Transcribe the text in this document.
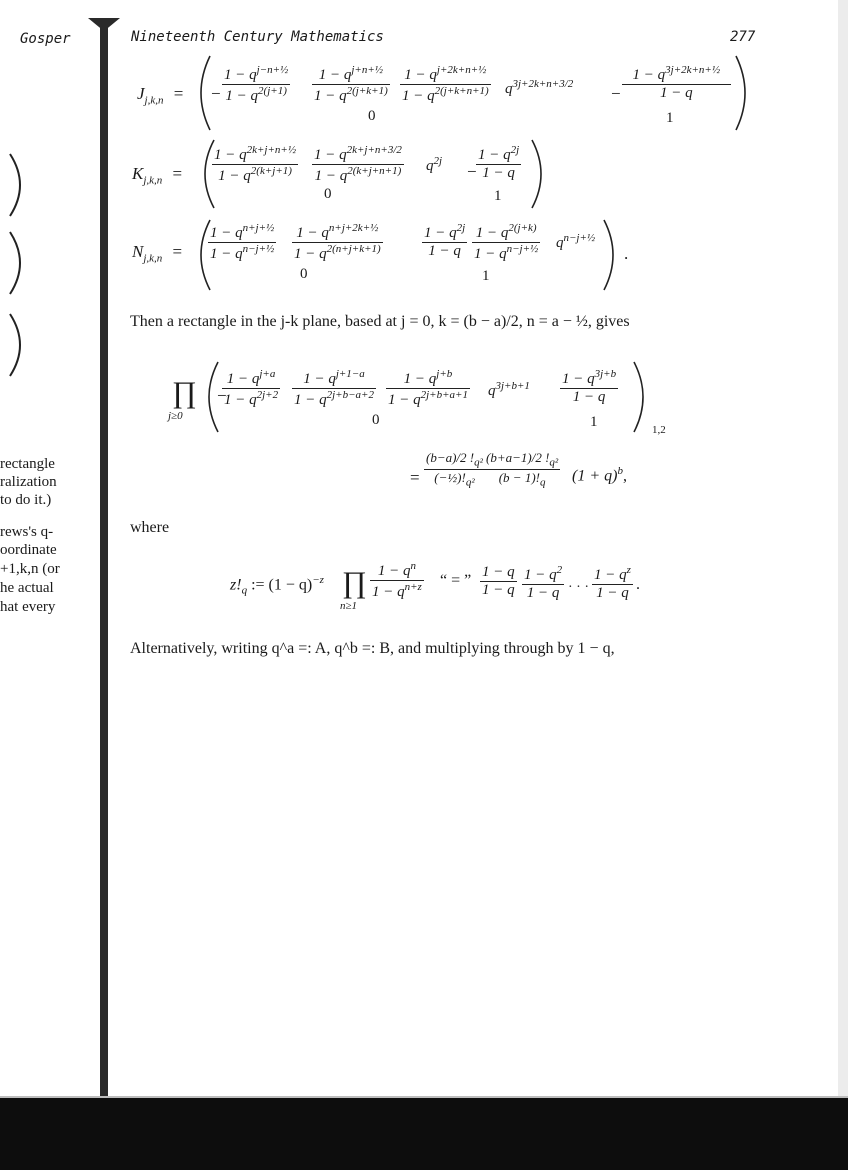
Gosper
rectangle
ralization
to do it.)
rews's q-
oordinate
+1,k,n (or
he actual
hat every
Nineteenth Century Mathematics	277
$J_{j,k,n}$ = − $\frac{1 - q^{j-n+\frac{1}{2}}}{1 - q^{2(j+1)}} \frac{1 - q^{j+n+\frac{1}{2}}}{1 - q^{2(j+k+1)}} \frac{1 - q^{j+2k+n+\frac{1}{2}}}{1 - q^{2(j+k+n+1)}} q^{3j+2k+n+3/2} - \frac{1 - q^{3j+2k+n+\frac{1}{2}}}{1 - q}$
0	1
$K_{j,k,n} = \frac{1 - q^{2k+j+n+\frac{1}{2}}}{1 - q^{2(k+j+1)}} \frac{1 - q^{2k+j+n+3/2}}{1 - q^{2(k+j+n+1)}} q^{2j}$
−
$\frac{1 - q^{2j}}{1 - q}$
0	1
$N_{j,k,n} = \frac{1 - q^{n+j+\frac{1}{2}}}{1 - q^{n-j+\frac{1}{2}}} \frac{1 - q^{n+j+2k+\frac{1}{2}}}{1 - q^{2(n+j+k+1)}}$	$\frac{1 - q^{2j}}{1 - q} \frac{1 - q^{2(j+k)}}{1 - q^{n-j+\frac{1}{2}}} q^{n-j+\frac{1}{2}}$
0	1
.
Then a rectangle in the j-k plane, based at j = 0, k = (b − a)/2, n = a − ½, gives
∏
j≥0
−
$\frac{1 - q^{j+a}}{1 - q^{2j+2}} \frac{1 - q^{j+1-a}}{1 - q^{2j+b-a+2}} \frac{1 - q^{j+b}}{1 - q^{2j+b+a+1}} q^{3j+b+1} \frac{1 - q^{3j+b}}{1 - q}$
0	1	1,2
= $\frac{(b-a)/2 !_{q^2}}{(-\frac{1}{2})!_{q^2}} \frac{(b+a-1)/2 !_{q^2}}{(b - 1)!_q} (1 + q)^b$,
where
$z!_q$ := $(1 - q)^{-z}$ ∏
n≥1
$\frac{1 - q^n}{1 - q^{n+z}}$ “ = ” $\frac{1 - q}{1 - q} \frac{1 - q^2}{1 - q}$ · · · $\frac{1 - q^z}{1 - q}$ .
Alternatively, writing q^a =: A, q^b =: B, and multiplying through by 1 − q,
